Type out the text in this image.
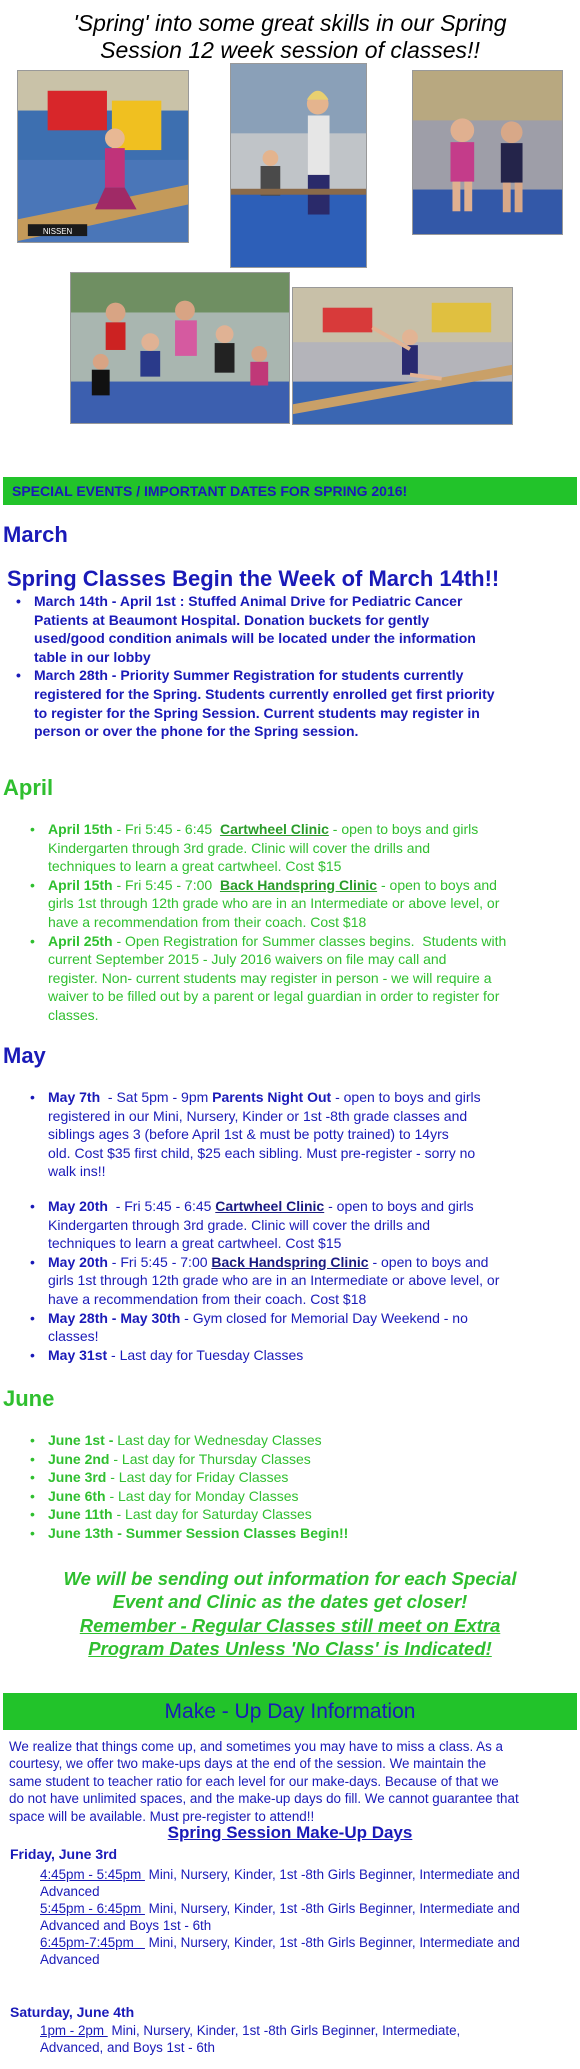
'Spring' into some great skills in our Spring
Session 12 week session of classes!!
NISSEN
SPECIAL EVENTS / IMPORTANT DATES FOR SPRING 2016!
March
Spring Classes Begin the Week of March 14th!!
• March 14th - April 1st : Stuffed Animal Drive for Pediatric Cancer
Patients at Beaumont Hospital. Donation buckets for gently
used/good condition animals will be located under the information
table in our lobby
• March 28th - Priority Summer Registration for students currently
registered for the Spring. Students currently enrolled get first priority
to register for the Spring Session. Current students may register in
person or over the phone for the Spring session.
April
• April 15th - Fri 5:45 - 6:45  Cartwheel Clinic - open to boys and girls
Kindergarten through 3rd grade. Clinic will cover the drills and
techniques to learn a great cartwheel. Cost $15
• April 15th - Fri 5:45 - 7:00  Back Handspring Clinic - open to boys and
girls 1st through 12th grade who are in an Intermediate or above level, or
have a recommendation from their coach. Cost $18
• April 25th - Open Registration for Summer classes begins.  Students with
current September 2015 - July 2016 waivers on file may call and
register. Non- current students may register in person - we will require a
waiver to be filled out by a parent or legal guardian in order to register for
classes.
May
• May 7th  - Sat 5pm - 9pm Parents Night Out - open to boys and girls
registered in our Mini, Nursery, Kinder or 1st -8th grade classes and
siblings ages 3 (before April 1st & must be potty trained) to 14yrs
old. Cost $35 first child, $25 each sibling. Must pre-register - sorry no
walk ins!!
• May 20th  - Fri 5:45 - 6:45 Cartwheel Clinic - open to boys and girls
Kindergarten through 3rd grade. Clinic will cover the drills and
techniques to learn a great cartwheel. Cost $15
• May 20th - Fri 5:45 - 7:00 Back Handspring Clinic - open to boys and
girls 1st through 12th grade who are in an Intermediate or above level, or
have a recommendation from their coach. Cost $18
• May 28th - May 30th - Gym closed for Memorial Day Weekend - no
classes!
• May 31st - Last day for Tuesday Classes
June
• June 1st - Last day for Wednesday Classes
• June 2nd - Last day for Thursday Classes
• June 3rd - Last day for Friday Classes
• June 6th - Last day for Monday Classes
• June 11th - Last day for Saturday Classes
• June 13th - Summer Session Classes Begin!!
We will be sending out information for each Special
Event and Clinic as the dates get closer!
Remember - Regular Classes still meet on Extra
Program Dates Unless 'No Class' is Indicated!
Make - Up Day Information
We realize that things come up, and sometimes you may have to miss a class. As a
courtesy, we offer two make-ups days at the end of the session. We maintain the
same student to teacher ratio for each level for our make-days. Because of that we
do not have unlimited spaces, and the make-up days do fill. We cannot guarantee that
space will be available. Must pre-register to attend!!
Spring Session Make-Up Days
Friday, June 3rd
4:45pm - 5:45pm  Mini, Nursery, Kinder, 1st -8th Girls Beginner, Intermediate and
Advanced
5:45pm - 6:45pm  Mini, Nursery, Kinder, 1st -8th Girls Beginner, Intermediate and
Advanced and Boys 1st - 6th
6:45pm-7:45pm    Mini, Nursery, Kinder, 1st -8th Girls Beginner, Intermediate and
Advanced
Saturday, June 4th
1pm - 2pm  Mini, Nursery, Kinder, 1st -8th Girls Beginner, Intermediate,
Advanced, and Boys 1st - 6th
